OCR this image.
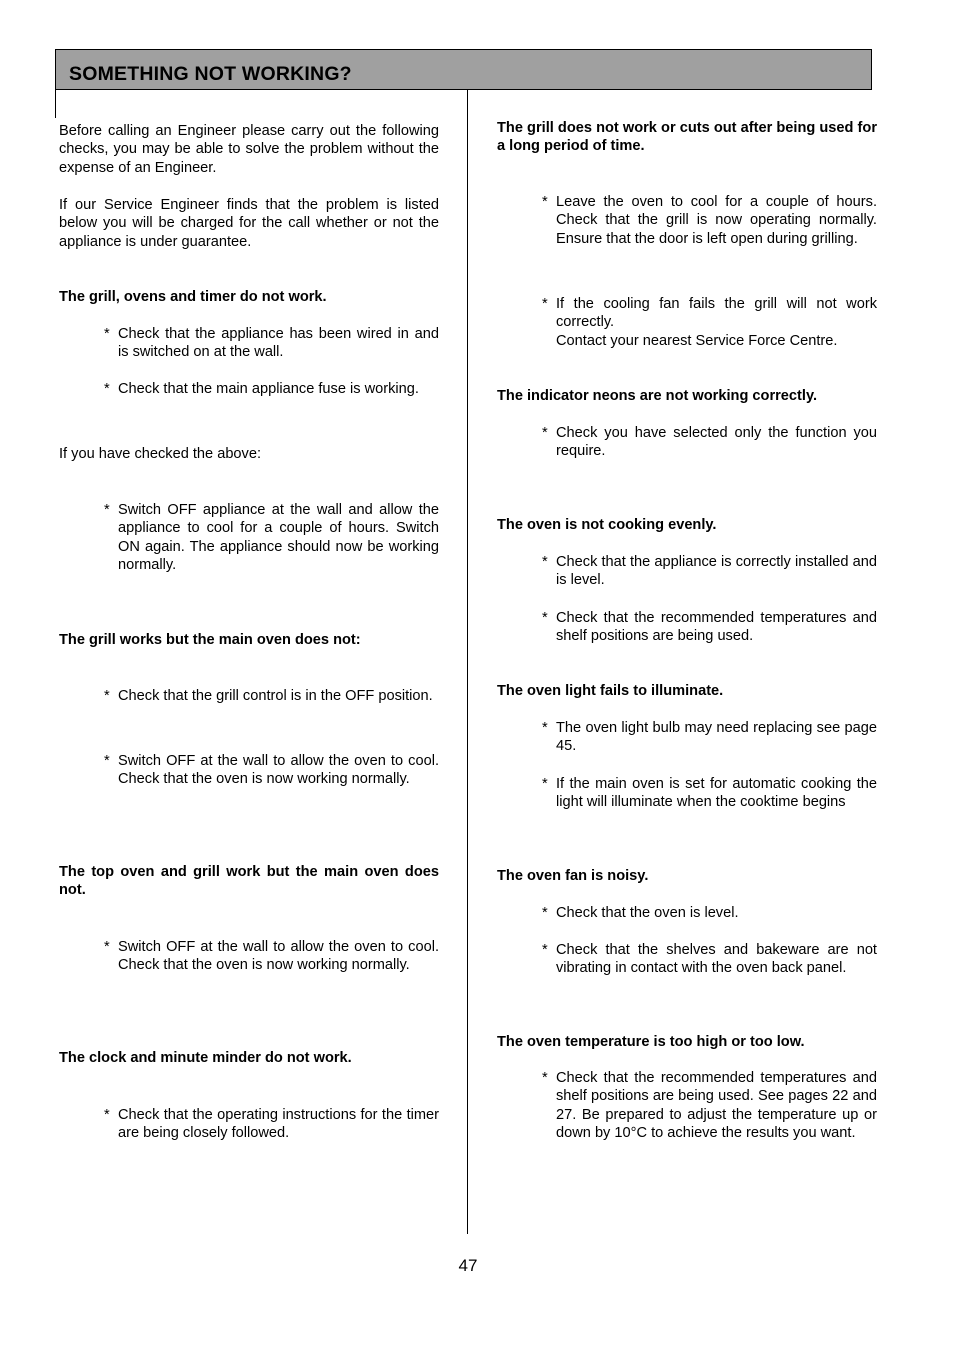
SOMETHING NOT WORKING?
Before calling an Engineer please carry out the following checks, you may be able to solve the problem without the expense of an Engineer.
If our Service Engineer finds that the problem is listed below you will be charged for the call whether or not the appliance is under guarantee.
The grill, ovens and timer do not work.
* Check that the appliance has been wired in and is switched on at the wall.
* Check that the main appliance fuse is working.
If you have checked the above:
* Switch OFF appliance at the wall and allow the appliance to cool for a couple of hours. Switch ON again. The appliance should now be working normally.
The grill works but the main oven does not:
* Check that the grill control is in the OFF position.
* Switch OFF at the wall to allow the oven to cool. Check that the oven is now working normally.
The top oven and grill work but the main oven does not.
* Switch OFF at the wall to allow the oven to cool. Check that the oven is now working normally.
The clock and minute minder do not work.
* Check that the operating instructions for the timer are being closely followed.
The grill does not work or cuts out after being used for a long period of time.
* Leave the oven to cool for a couple of hours. Check that the grill is now operating normally. Ensure that the door is left open during grilling.
* If the cooling fan fails the grill will not work correctly.
Contact your nearest Service Force Centre.
The indicator neons are not working correctly.
* Check you have selected only the function you require.
The oven is not cooking evenly.
* Check that the appliance is correctly installed and is level.
* Check that the recommended temperatures and shelf positions are being used.
The oven light fails to illuminate.
* The oven light bulb may need replacing see page 45.
* If the main oven is set for automatic cooking the light will illuminate when the cooktime begins
The oven fan is noisy.
* Check that the oven is level.
* Check that the shelves and bakeware are not vibrating in contact with the oven back panel.
The oven temperature is too high or too low.
* Check that the recommended temperatures and shelf positions are being used. See pages 22 and 27. Be prepared to adjust the temperature up or down by 10°C to achieve the results you want.
47
